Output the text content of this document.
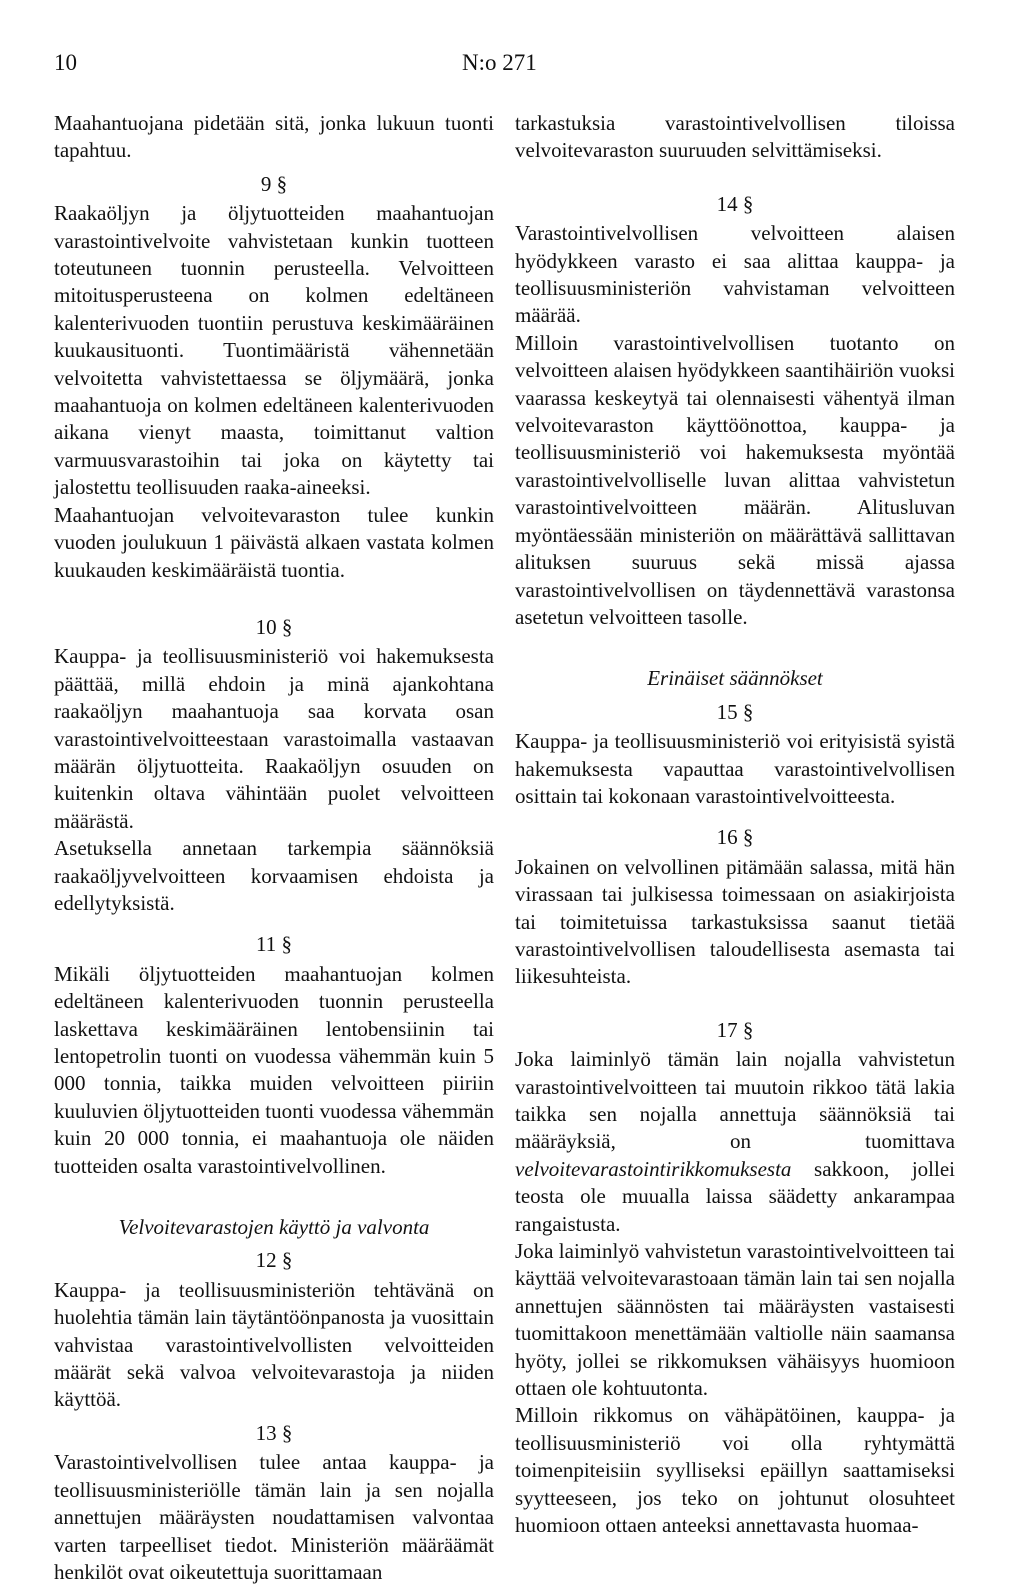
10	N:o 271

Maahantuojana pidetään sitä, jonka lukuun tuonti tapahtuu.

9 §

Raakaöljyn ja öljytuotteiden maahantuojan varastointivelvoite vahvistetaan kunkin tuotteen toteutuneen tuonnin perusteella. Velvoitteen mitoitusperusteena on kolmen edeltäneen kalenterivuoden tuontiin perustuva keskimääräinen kuukausituonti. Tuontimääristä vähennetään velvoitetta vahvistettaessa se öljymäärä, jonka maahantuoja on kolmen edeltäneen kalenterivuoden aikana vienyt maasta, toimittanut valtion varmuusvarastoihin tai joka on käytetty tai jalostettu teollisuuden raaka-aineeksi.

Maahantuojan velvoitevaraston tulee kunkin vuoden joulukuun 1 päivästä alkaen vastata kolmen kuukauden keskimääräistä tuontia.

10 §

Kauppa- ja teollisuusministeriö voi hakemuksesta päättää, millä ehdoin ja minä ajankohtana raakaöljyn maahantuoja saa korvata osan varastointivelvoitteestaan varastoimalla vastaavan määrän öljytuotteita. Raakaöljyn osuuden on kuitenkin oltava vähintään puolet velvoitteen määrästä.

Asetuksella annetaan tarkempia säännöksiä raakaöljyvelvoitteen korvaamisen ehdoista ja edellytyksistä.

11 §

Mikäli öljytuotteiden maahantuojan kolmen edeltäneen kalenterivuoden tuonnin perusteella laskettava keskimääräinen lentobensiinin tai lentopetrolin tuonti on vuodessa vähemmän kuin 5 000 tonnia, taikka muiden velvoitteen piiriin kuuluvien öljytuotteiden tuonti vuodessa vähemmän kuin 20 000 tonnia, ei maahantuoja ole näiden tuotteiden osalta varastointivelvollinen.

Velvoitevarastojen käyttö ja valvonta
12 §

Kauppa- ja teollisuusministeriön tehtävänä on huolehtia tämän lain täytäntöönpanosta ja vuosittain vahvistaa varastointivelvollisten velvoitteiden määrät sekä valvoa velvoitevarastoja ja niiden käyttöä.

13 §

Varastointivelvollisen tulee antaa kauppa- ja teollisuusministeriölle tämän lain ja sen nojalla annettujen määräysten noudattamisen valvontaa varten tarpeelliset tiedot. Ministeriön määräämät henkilöt ovat oikeutettuja suorittamaan

tarkastuksia varastointivelvollisen tiloissa velvoitevaraston suuruuden selvittämiseksi.

14 §

Varastointivelvollisen velvoitteen alaisen hyödykkeen varasto ei saa alittaa kauppa- ja teollisuusministeriön vahvistaman velvoitteen määrää.

Milloin varastointivelvollisen tuotanto on velvoitteen alaisen hyödykkeen saantihäiriön vuoksi vaarassa keskeytyä tai olennaisesti vähentyä ilman velvoitevaraston käyttöönottoa, kauppa- ja teollisuusministeriö voi hakemuksesta myöntää varastointivelvolliselle luvan alittaa vahvistetun varastointivelvoitteen määrän. Alitusluvan myöntäessään ministeriön on määrättävä sallittavan alituksen suuruus sekä missä ajassa varastointivelvollisen on täydennettävä varastonsa asetetun velvoitteen tasolle.

Erinäiset säännökset
15 §

Kauppa- ja teollisuusministeriö voi erityisistä syistä hakemuksesta vapauttaa varastointivelvollisen osittain tai kokonaan varastointivelvoitteesta.

16 §

Jokainen on velvollinen pitämään salassa, mitä hän virassaan tai julkisessa toimessaan on asiakirjoista tai toimitetuissa tarkastuksissa saanut tietää varastointivelvollisen taloudellisesta asemasta tai liikesuhteista.

17 §

Joka laiminlyö tämän lain nojalla vahvistetun varastointivelvoitteen tai muutoin rikkoo tätä lakia taikka sen nojalla annettuja säännöksiä tai määräyksiä, on tuomittava velvoitevarastointirikkomuksesta sakkoon, jollei teosta ole muualla laissa säädetty ankarampaa rangaistusta.

Joka laiminlyö vahvistetun varastointivelvoitteen tai käyttää velvoitevarastoaan tämän lain tai sen nojalla annettujen säännösten tai määräysten vastaisesti tuomittakoon menettämään valtiolle näin saamansa hyöty, jollei se rikkomuksen vähäisyys huomioon ottaen ole kohtuutonta.

Milloin rikkomus on vähäpätöinen, kauppa- ja teollisuusministeriö voi olla ryhtymättä toimenpiteisiin syylliseksi epäillyn saattamiseksi syytteeseen, jos teko on johtunut olosuhteet huomioon ottaen anteeksi annettavasta huomaa-
